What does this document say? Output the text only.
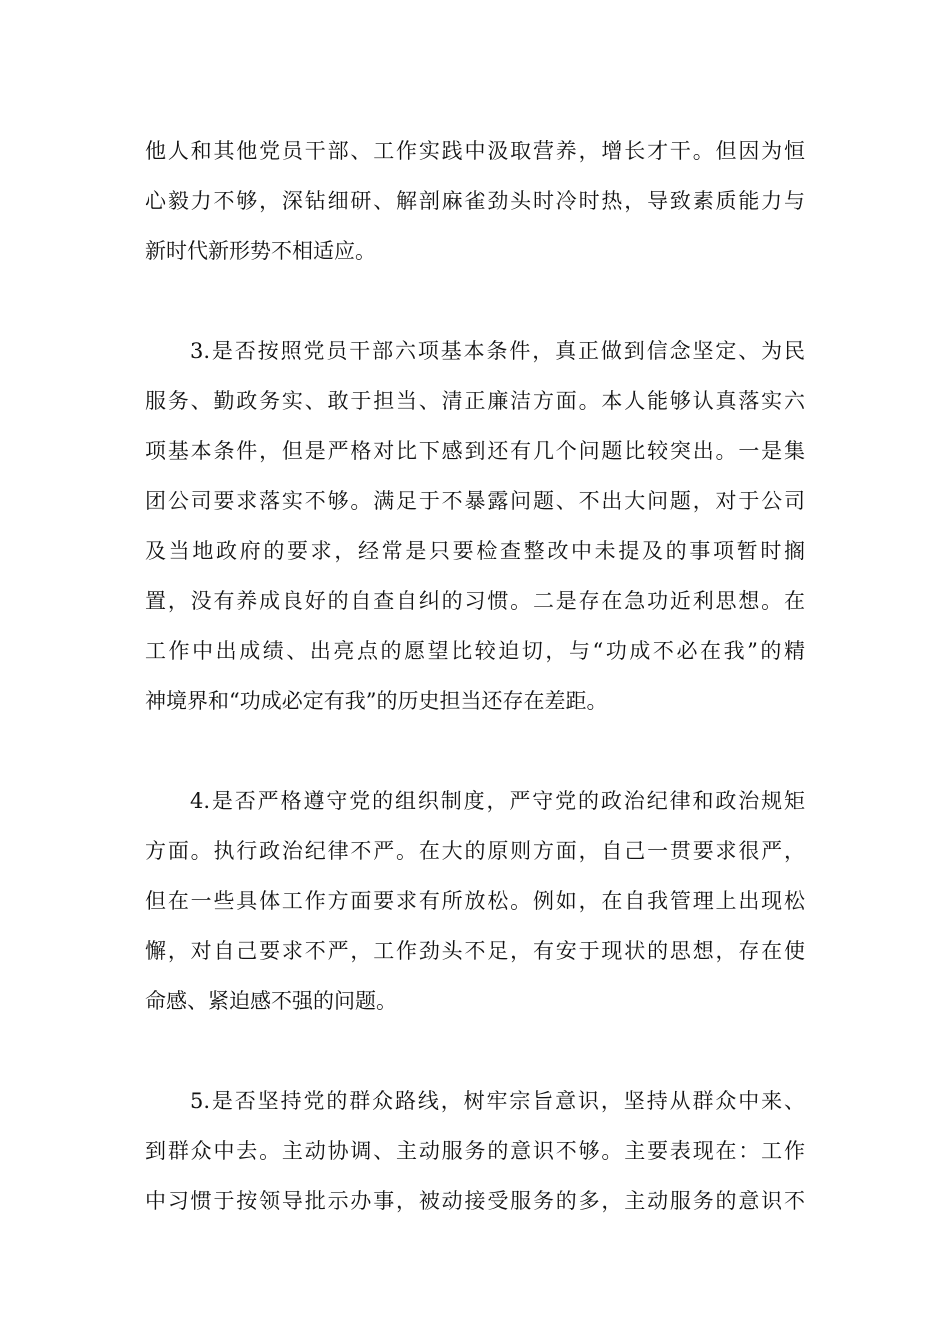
他人和其他党员干部、工作实践中汲取营养，增长才干。但因为恒
心毅力不够，深钻细研、解剖麻雀劲头时冷时热，导致素质能力与
新时代新形势不相适应。
3.是否按照党员干部六项基本条件，真正做到信念坚定、为民
服务、勤政务实、敢于担当、清正廉洁方面。本人能够认真落实六
项基本条件，但是严格对比下感到还有几个问题比较突出。一是集
团公司要求落实不够。满足于不暴露问题、不出大问题，对于公司
及当地政府的要求，经常是只要检查整改中未提及的事项暂时搁
置，没有养成良好的自查自纠的习惯。二是存在急功近利思想。在
工作中出成绩、出亮点的愿望比较迫切，与“功成不必在我”的精
神境界和“功成必定有我”的历史担当还存在差距。
4.是否严格遵守党的组织制度，严守党的政治纪律和政治规矩
方面。执行政治纪律不严。在大的原则方面，自己一贯要求很严，
但在一些具体工作方面要求有所放松。例如，在自我管理上出现松
懈，对自己要求不严，工作劲头不足，有安于现状的思想，存在使
命感、紧迫感不强的问题。
5.是否坚持党的群众路线，树牢宗旨意识，坚持从群众中来、
到群众中去。主动协调、主动服务的意识不够。主要表现在：工作
中习惯于按领导批示办事，被动接受服务的多，主动服务的意识不
